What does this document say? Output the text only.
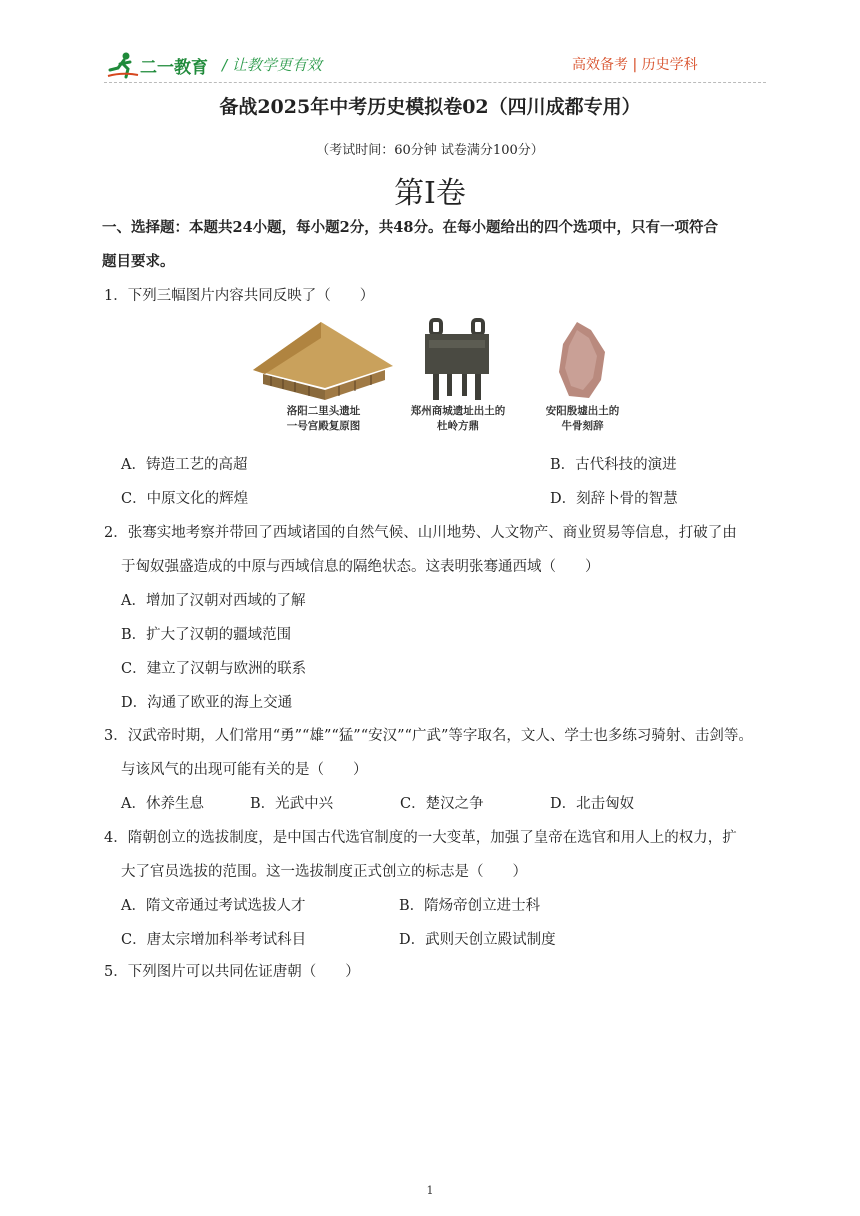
二一教育 / 让教学更有效	高效备考 | 历史学科
备战2025年中考历史模拟卷02（四川成都专用）
（考试时间：60分钟 试卷满分100分）
第I卷
一、选择题：本题共24小题，每小题2分，共48分。在每小题给出的四个选项中，只有一项符合
题目要求。
1．下列三幅图片内容共同反映了（　　）
洛阳二里头遗址
一号宫殿复原图
郑州商城遗址出土的
杜岭方鼎
安阳殷墟出土的
牛骨刻辞
A．铸造工艺的高超	B．古代科技的演进
C．中原文化的辉煌	D．刻辞卜骨的智慧
2．张骞实地考察并带回了西域诸国的自然气候、山川地势、人文物产、商业贸易等信息，打破了由
于匈奴强盛造成的中原与西域信息的隔绝状态。这表明张骞通西域（　　）
A．增加了汉朝对西域的了解
B．扩大了汉朝的疆域范围
C．建立了汉朝与欧洲的联系
D．沟通了欧亚的海上交通
3．汉武帝时期，人们常用“勇”“雄”“猛”“安汉”“广武”等字取名，文人、学士也多练习骑射、击剑等。
与该风气的出现可能有关的是（　　）
A．休养生息	B．光武中兴	C．楚汉之争	D．北击匈奴
4．隋朝创立的选拔制度，是中国古代选官制度的一大变革，加强了皇帝在选官和用人上的权力，扩
大了官员选拔的范围。这一选拔制度正式创立的标志是（　　）
A．隋文帝通过考试选拔人才	B．隋炀帝创立进士科
C．唐太宗增加科举考试科目	D．武则天创立殿试制度
5．下列图片可以共同佐证唐朝（　　）
1
